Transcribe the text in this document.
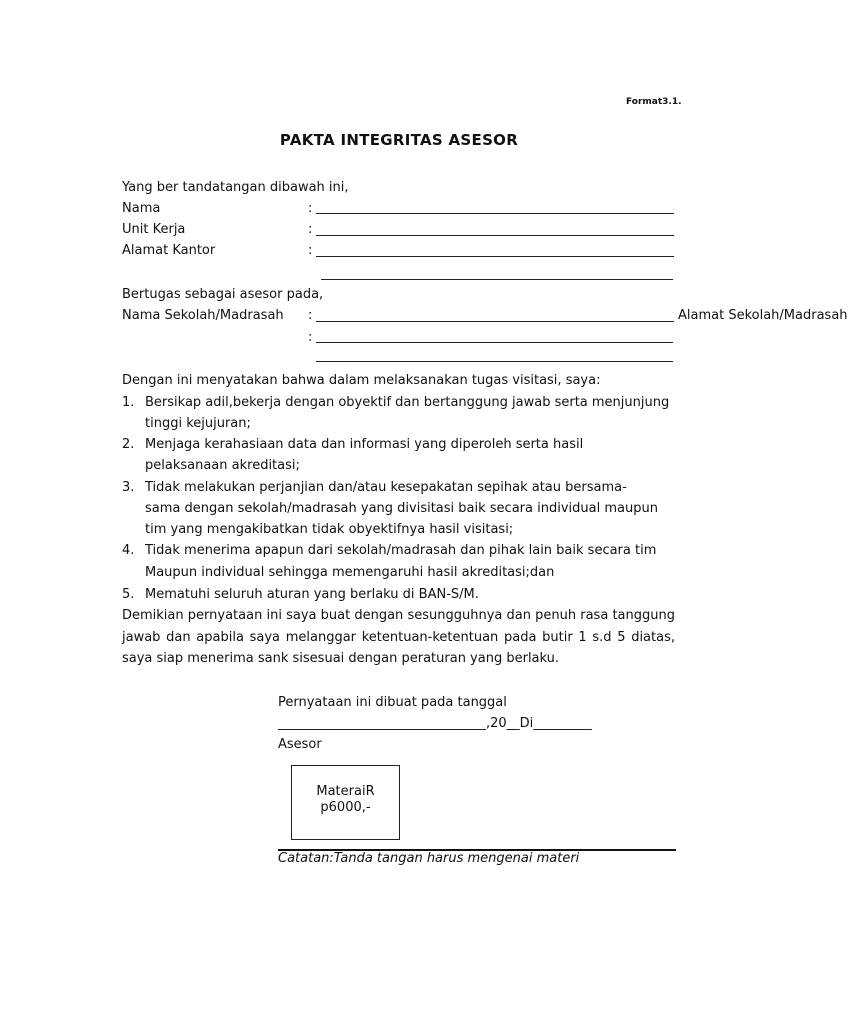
Format3.1.
PAKTA INTEGRITAS ASESOR
Yang ber tandatangan dibawah ini,
Nama	:
Unit Kerja	:
Alamat Kantor	:
Bertugas sebagai asesor pada,
Nama Sekolah/Madrasah :	Alamat Sekolah/Madrasah
:
Dengan ini menyatakan bahwa dalam melaksanakan tugas visitasi, saya:
1. Bersikap adil,bekerja dengan obyektif dan bertanggung jawab serta menjunjung
tinggi kejujuran;
2. Menjaga kerahasiaan data dan informasi yang diperoleh serta hasil
pelaksanaan akreditasi;
3. Tidak melakukan perjanjian dan/atau kesepakatan sepihak atau bersama-
sama dengan sekolah/madrasah yang divisitasi baik secara individual maupun
tim yang mengakibatkan tidak obyektifnya hasil visitasi;
4. Tidak menerima apapun dari sekolah/madrasah dan pihak lain baik secara tim
Maupun individual sehingga memengaruhi hasil akreditasi;dan
5. Mematuhi seluruh aturan yang berlaku di BAN-S/M.
Demikian pernyataan ini saya buat dengan sesungguhnya dan penuh rasa tanggung jawab dan apabila saya melanggar ketentuan-ketentuan pada butir 1 s.d 5 diatas, saya siap menerima sank sisesuai dengan peraturan yang berlaku.
Pernyataan ini dibuat pada tanggal
________________________________,20__Di_________
Asesor
MateraiR
p6000,-
Catatan:Tanda tangan harus mengenai materi
